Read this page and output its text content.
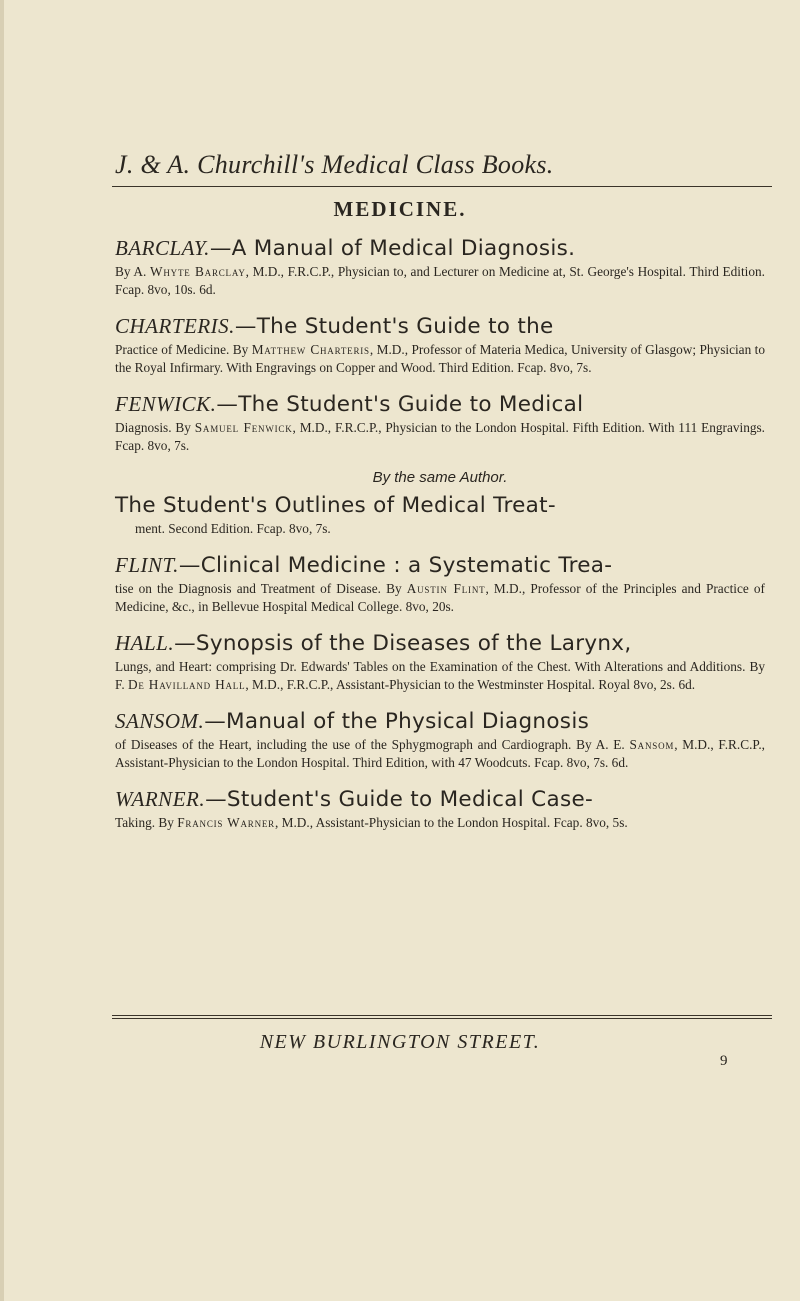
J. & A. Churchill's Medical Class Books.
MEDICINE.
BARCLAY.—A Manual of Medical Diagnosis.
By A. Whyte Barclay, M.D., F.R.C.P., Physician to, and Lecturer on Medicine at, St. George's Hospital. Third Edition. Fcap. 8vo, 10s. 6d.
CHARTERIS.—The Student's Guide to the
Practice of Medicine. By Matthew Charteris, M.D., Professor of Materia Medica, University of Glasgow; Physician to the Royal Infirmary. With Engravings on Copper and Wood. Third Edition. Fcap. 8vo, 7s.
FENWICK.—The Student's Guide to Medical
Diagnosis. By Samuel Fenwick, M.D., F.R.C.P., Physician to the London Hospital. Fifth Edition. With 111 Engravings. Fcap. 8vo, 7s.
By the same Author.
The Student's Outlines of Medical Treat-
ment. Second Edition. Fcap. 8vo, 7s.
FLINT.—Clinical Medicine : a Systematic Trea-
tise on the Diagnosis and Treatment of Disease. By Austin Flint, M.D., Professor of the Principles and Practice of Medicine, &c., in Bellevue Hospital Medical College. 8vo, 20s.
HALL.—Synopsis of the Diseases of the Larynx,
Lungs, and Heart: comprising Dr. Edwards' Tables on the Examination of the Chest. With Alterations and Additions. By F. De Havilland Hall, M.D., F.R.C.P., Assistant-Physician to the Westminster Hospital. Royal 8vo, 2s. 6d.
SANSOM.—Manual of the Physical Diagnosis
of Diseases of the Heart, including the use of the Sphygmograph and Cardiograph. By A. E. Sansom, M.D., F.R.C.P., Assistant-Physician to the London Hospital. Third Edition, with 47 Woodcuts. Fcap. 8vo, 7s. 6d.
WARNER.—Student's Guide to Medical Case-
Taking. By Francis Warner, M.D., Assistant-Physician to the London Hospital. Fcap. 8vo, 5s.
NEW BURLINGTON STREET.
9
